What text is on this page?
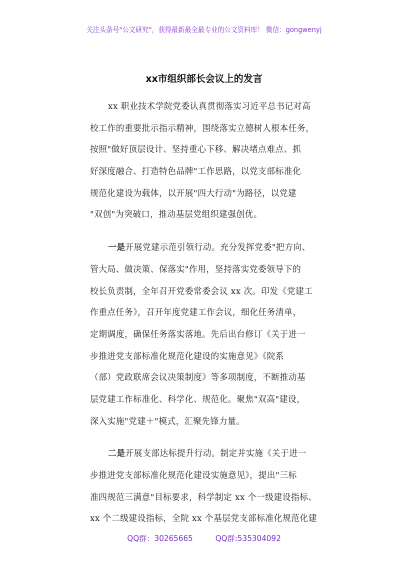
关注头条号"公文研究"，获得最新最全最专业的公文资料库！ 微信：gongwenyj
xx市组织部长会议上的发言
xx 职业技术学院党委认真贯彻落实习近平总书记对高
校工作的重要批示指示精神，围绕落实立德树人根本任务，
按照"做好顶层设计、坚持重心下移、解决堵点难点、抓
好深度融合、打造特色品牌"工作思路，以党支部标准化
规范化建设为载体，以开展"四大行动"为路径，以党建
"双创"为突破口，推动基层党组织建强创优。
一是开展党建示范引领行动。充分发挥党委"把方向、
管大局、做决策、保落实"作用，坚持落实党委领导下的
校长负责制，全年召开党委常委会议 xx 次。印发《党建工
作重点任务》，召开年度党建工作会议，细化任务清单，
定期调度，确保任务落实落地。先后出台修订《关于进一
步推进党支部标准化规范化建设的实施意见》《院系
（部）党政联席会议决策制度》等多项制度，不断推动基
层党建工作标准化、科学化、规范化。聚焦"双高"建设，
深入实施"党建＋"模式，汇聚先锋力量。
二是开展支部达标提升行动。制定并实施《关于进一
步推进党支部标准化规范化建设实施意见》，提出"三标
准四规范三满意"目标要求，科学制定 xx 个一级建设指标、
xx 个二级建设指标，全院 xx 个基层党支部标准化规范化建
QQ群：30265665	QQ群:535304092
